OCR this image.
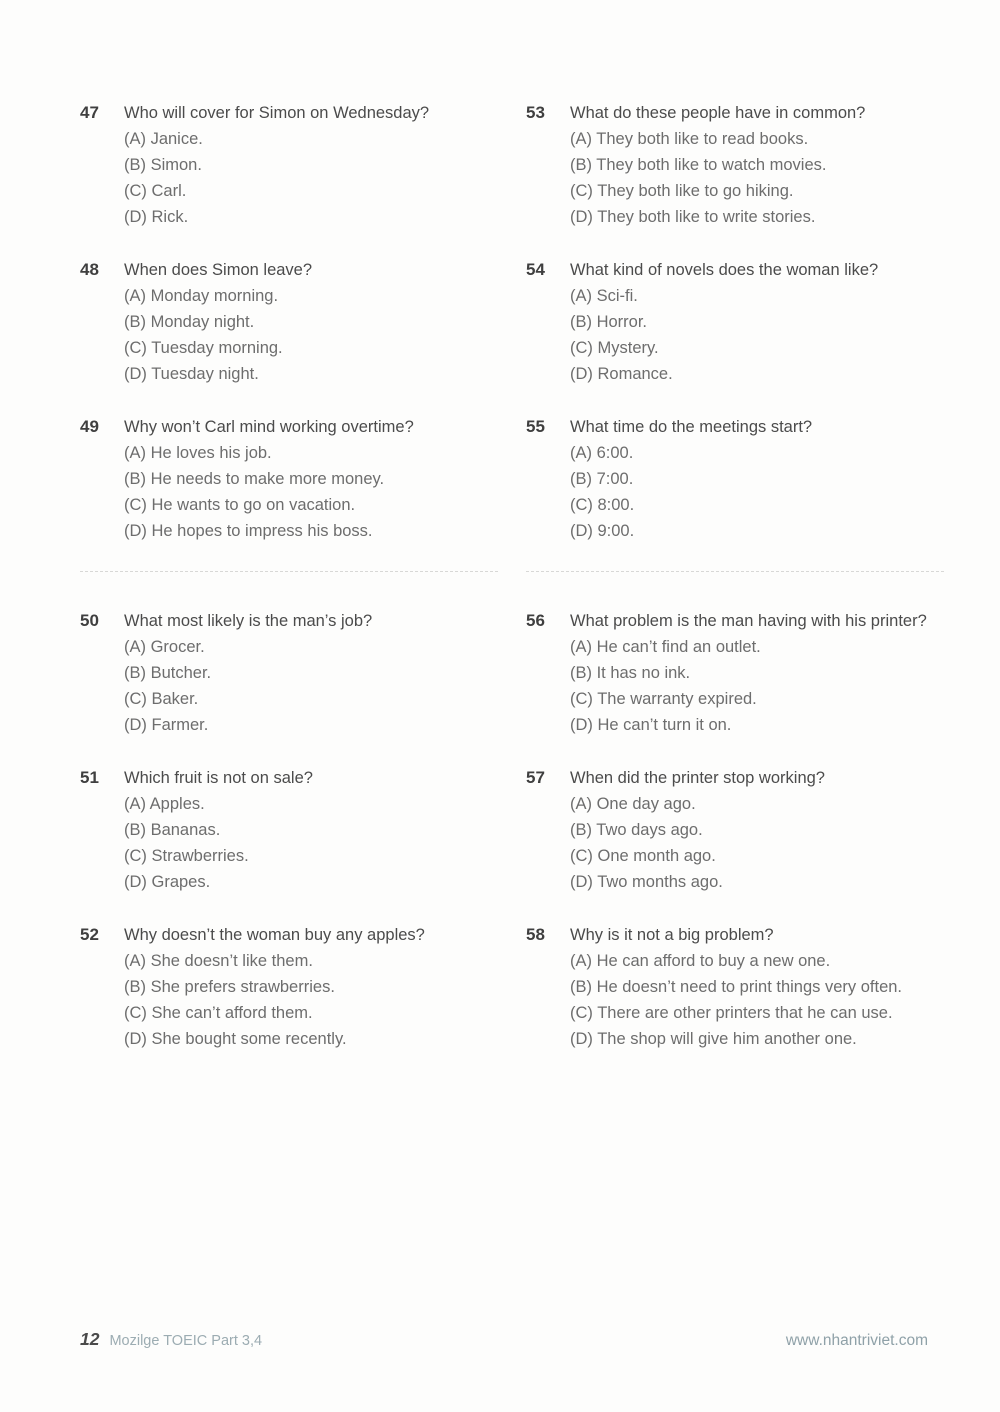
47	Who will cover for Simon on Wednesday?
(A) Janice.
(B) Simon.
(C) Carl.
(D) Rick.
48	When does Simon leave?
(A) Monday morning.
(B) Monday night.
(C) Tuesday morning.
(D) Tuesday night.
49	Why won’t Carl mind working overtime?
(A) He loves his job.
(B) He needs to make more money.
(C) He wants to go on vacation.
(D) He hopes to impress his boss.
50	What most likely is the man’s job?
(A) Grocer.
(B) Butcher.
(C) Baker.
(D) Farmer.
51	Which fruit is not on sale?
(A) Apples.
(B) Bananas.
(C) Strawberries.
(D) Grapes.
52	Why doesn’t the woman buy any apples?
(A) She doesn’t like them.
(B) She prefers strawberries.
(C) She can’t afford them.
(D) She bought some recently.
53	What do these people have in common?
(A) They both like to read books.
(B) They both like to watch movies.
(C) They both like to go hiking.
(D) They both like to write stories.
54	What kind of novels does the woman like?
(A) Sci-fi.
(B) Horror.
(C) Mystery.
(D) Romance.
55	What time do the meetings start?
(A) 6:00.
(B) 7:00.
(C) 8:00.
(D) 9:00.
56	What problem is the man having with his printer?
(A) He can’t find an outlet.
(B) It has no ink.
(C) The warranty expired.
(D) He can’t turn it on.
57	When did the printer stop working?
(A) One day ago.
(B) Two days ago.
(C) One month ago.
(D) Two months ago.
58	Why is it not a big problem?
(A) He can afford to buy a new one.
(B) He doesn’t need to print things very often.
(C) There are other printers that he can use.
(D) The shop will give him another one.
12 Mozilge TOEIC Part 3,4	www.nhantriviet.com
